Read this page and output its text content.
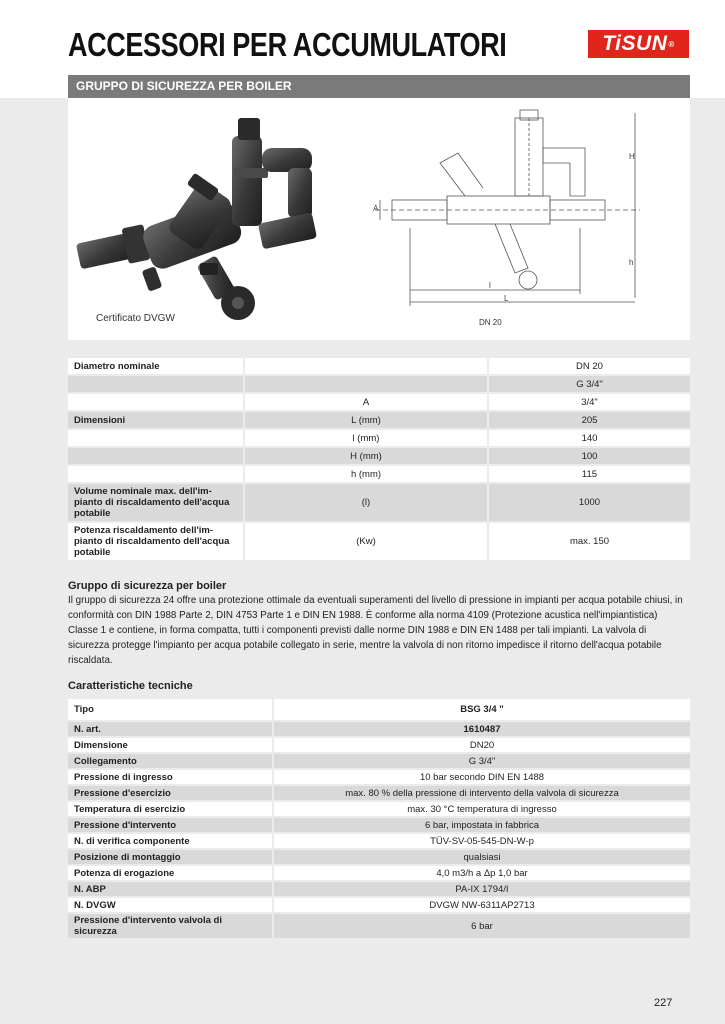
ACCESSORI PER ACCUMULATORI	TiSUN ®
GRUPPO DI SICUREZZA PER BOILER
Certificato DVGW
H
h
A
l
L
DN 20
Diametro nominale		DN 20
		G 3/4"
	A	3/4"
Dimensioni	L (mm)	205
	l (mm)	140
	H (mm)	100
	h (mm)	115
Volume nominale max. dell'im-
pianto di riscaldamento dell'acqua
potabile	(l)	1000
Potenza riscaldamento dell'im-
pianto di riscaldamento dell'acqua
potabile	(Kw)	max. 150
Gruppo di sicurezza per boiler
Il gruppo di sicurezza 24 offre una protezione ottimale da eventuali superamenti del livello di pressione in impianti per acqua potabile chiusi, in conformità con DIN 1988 Parte 2, DIN 4753 Parte 1 e DIN EN 1988. È conforme alla norma 4109 (Protezione acustica nell'impiantistica) Classe 1 e contiene, in forma compatta, tutti i componenti previsti dalle norme DIN 1988 e DIN EN 1488 per tali impianti. La valvola di sicurezza protegge l'impianto per acqua potabile collegato in serie, mentre la valvola di non ritorno impedisce il ritorno dell'acqua potabile riscaldata.
Caratteristiche tecniche
Tipo	BSG 3/4 "
N. art.	1610487
Dimensione	DN20
Collegamento	G 3/4"
Pressione di ingresso	10 bar secondo DIN EN 1488
Pressione d'esercizio	max. 80 % della pressione di intervento della valvola di sicurezza
Temperatura di esercizio	max. 30 °C temperatura di ingresso
Pressione d'intervento	6 bar, impostata in fabbrica
N. di verifica componente	TÜV-SV-05-545-DN-W-p
Posizione di montaggio	qualsiasi
Potenza di erogazione	4,0 m3/h a Δp 1,0 bar
N. ABP	PA-IX 1794/I
N. DVGW	DVGW NW-6311AP2713
Pressione d'intervento valvola di sicurezza	6 bar
227
